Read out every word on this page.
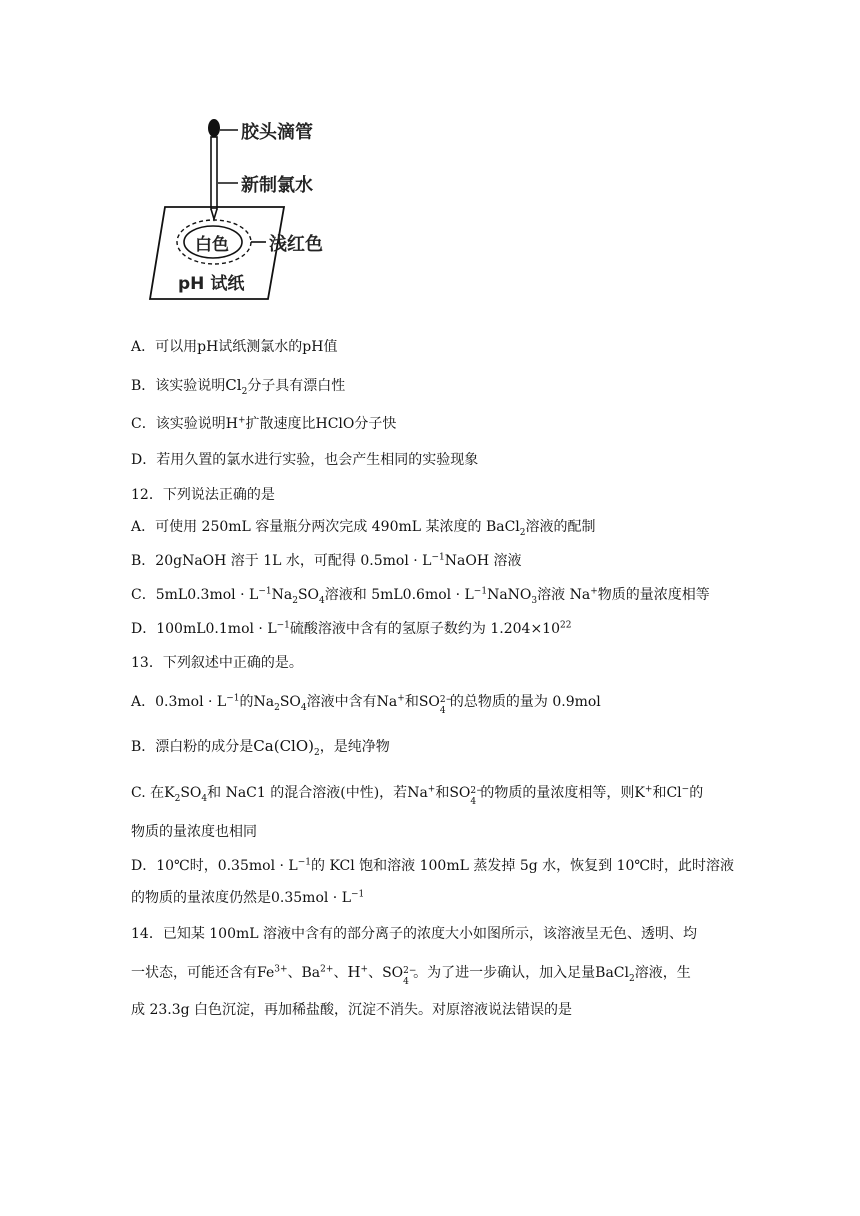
胶头滴管
新制氯水
浅红色
白色
pH 试纸
A．可以用pH试纸测氯水的pH值
B．该实验说明$Cl_2$分子具有漂白性
C．该实验说明H+扩散速度比HClO分子快
D．若用久置的氯水进行实验，也会产生相同的实验现象
12．下列说法正确的是
A．可使用 250mL 容量瓶分两次完成 490mL 某浓度的 BaCl$_2$溶液的配制
B．20gNaOH 溶于 1L 水，可配得 $0.5mol \cdot L^{-1}NaOH$ 溶液
C．$5mL0.3mol \cdot L^{-1}Na_2SO_4$溶液和 $5mL0.6mol \cdot L^{-1}NaNO_3$溶液 Na+物质的量浓度相等
D．$100mL0.1mol \cdot L^{-1}$硫酸溶液中含有的氢原子数约为 $1.204\times 10^{22}$
13．下列叙述中正确的是。
A．$0.3mol \cdot L^{-1}$的$Na_2SO_4$溶液中含有Na+和SO 2−
4
的总物质的量为 0.9mol
B．漂白粉的成分是$Ca(ClO)_2$，是纯净物
C. 在$K_2SO_4$和 NaC1 的混合溶液(中性)，若Na+和SO 2−
4
的物质的量浓度相等，则K+和Cl−的
物质的量浓度也相同
D．10℃时，$0.35mol \cdot L^{-1}$的 KCl 饱和溶液 100mL 蒸发掉 5g 水，恢复到 10℃时，此时溶液
的物质的量浓度仍然是$0.35mol \cdot L^{-1}$
14．已知某 100mL 溶液中含有的部分离子的浓度大小如图所示，该溶液呈无色、透明、均
一状态，可能还含有$Fe^{3+}$、$Ba^{2+}$、H+、SO 2−
4
。为了进一步确认，加入足量BaCl$_2$溶液，生
成 23.3g 白色沉淀，再加稀盐酸，沉淀不消失。对原溶液说法错误的是
